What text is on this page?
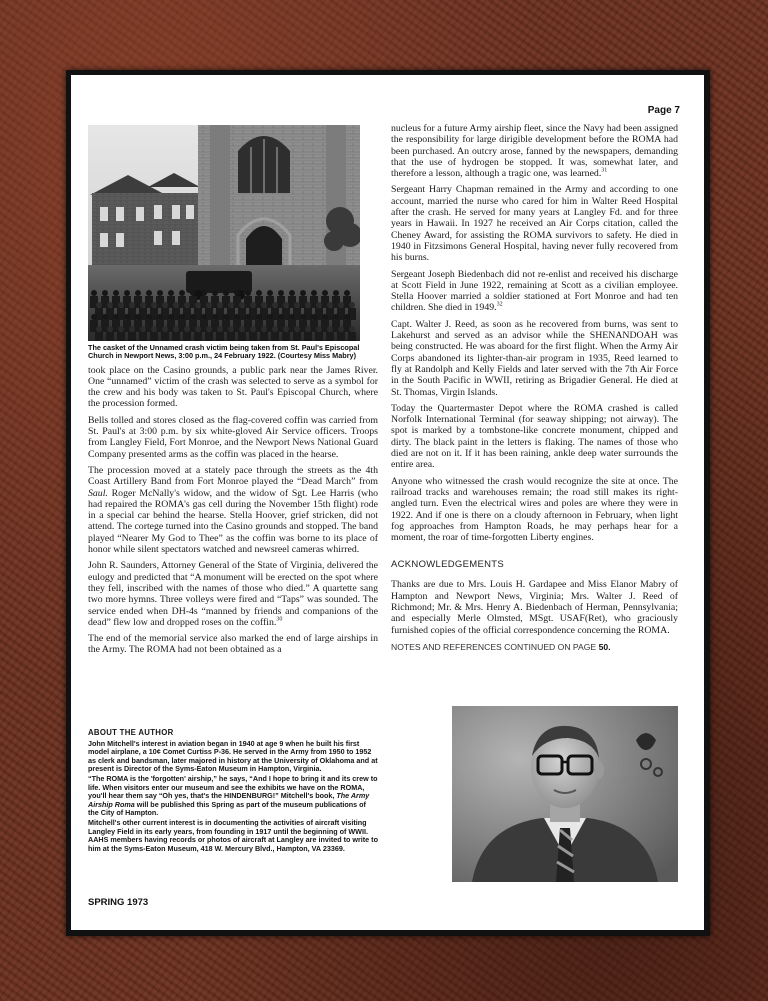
Page 7
The casket of the Unnamed crash victim being taken from St. Paul's Episcopal Church in Newport News, 3:00 p.m., 24 February 1922. (Courtesy Miss Mabry)

took place on the Casino grounds, a public park near the James River. One “unnamed” victim of the crash was selected to serve as a symbol for the crew and his body was taken to St. Paul's Episcopal Church, where the procession formed.

Bells tolled and stores closed as the flag-covered coffin was carried from St. Paul's at 3:00 p.m. by six white-gloved Air Service officers. Troops from Langley Field, Fort Monroe, and the Newport News National Guard Company presented arms as the coffin was placed in the hearse.

The procession moved at a stately pace through the streets as the 4th Coast Artillery Band from Fort Monroe played the “Dead March” from Saul. Roger McNally's widow, and the widow of Sgt. Lee Harris (who had repaired the ROMA's gas cell during the November 15th flight) rode in a special car behind the hearse. Stella Hoover, grief stricken, did not attend. The cortege turned into the Casino grounds and stopped. The band played “Nearer My God to Thee” as the coffin was borne to its place of honor while silent spectators watched and newsreel cameras whirred.

John R. Saunders, Attorney General of the State of Virginia, delivered the eulogy and predicted that “A monument will be erected on the spot where they fell, inscribed with the names of those who died.” A quartette sang two more hymns. Three volleys were fired and “Taps” was sounded. The service ended when DH-4s “manned by friends and companions of the dead” flew low and dropped roses on the coffin.$^{30}$

The end of the memorial service also marked the end of large airships in the Army. The ROMA had not been obtained as a

nucleus for a future Army airship fleet, since the Navy had been assigned the responsibility for large dirigible development before the ROMA had been purchased. An outcry arose, fanned by the newspapers, demanding that the use of hydrogen be stopped. It was, somewhat later, and therefore a lesson, although a tragic one, was learned.$^{31}$

Sergeant Harry Chapman remained in the Army and according to one account, married the nurse who cared for him in Walter Reed Hospital after the crash. He served for many years at Langley Fd. and for three years in Hawaii. In 1927 he received an Air Corps citation, called the Cheney Award, for assisting the ROMA survivors to safety. He died in 1940 in Fitzsimons General Hospital, having never fully recovered from his burns.

Sergeant Joseph Biedenbach did not re-enlist and received his discharge at Scott Field in June 1922, remaining at Scott as a civilian employee. Stella Hoover married a soldier stationed at Fort Monroe and had ten children. She died in 1949.32

Capt. Walter J. Reed, as soon as he recovered from burns, was sent to Lakehurst and served as an advisor while the SHENANDOAH was being constructed. He was aboard for the first flight. When the Army Air Corps abandoned its lighter-than-air program in 1935, Reed learned to fly at Randolph and Kelly Fields and later served with the 7th Air Force in the South Pacific in WWII, retiring as Brigadier General. He died at St. Thomas, Virgin Islands.

Today the Quartermaster Depot where the ROMA crashed is called Norfolk International Terminal (for seaway shipping; not airway). The spot is marked by a tombstone-like concrete monument, chipped and dirty. The black paint in the letters is flaking. The names of those who died are not on it. If it has been raining, ankle deep water surrounds the entire area.

Anyone who witnessed the crash would recognize the site at once. The railroad tracks and warehouses remain; the road still makes its right-angled turn. Even the electrical wires and poles are where they were in 1922. And if one is there on a cloudy afternoon in February, when light fog approaches from Hampton Roads, he may perhaps hear for a moment, the roar of time-forgotten Liberty engines.

ACKNOWLEDGEMENTS

Thanks are due to Mrs. Louis H. Gardapee and Miss Elanor Mabry of Hampton and Newport News, Virginia; Mrs. Walter J. Reed of Richmond; Mr. & Mrs. Henry A. Biedenbach of Herman, Pennsylvania; and especially Merle Olmsted, MSgt. USAF(Ret), who graciously furnished copies of the official correspondence concerning the ROMA.

NOTES AND REFERENCES CONTINUED ON PAGE 50.
ABOUT THE AUTHOR

John Mitchell's interest in aviation began in 1940 at age 9 when he built his first model airplane, a 10¢ Comet Curtiss P-36. He served in the Army from 1950 to 1952 as clerk and bandsman, later majored in history at the University of Oklahoma and at present is Director of the Syms-Eaton Museum in Hampton, Virginia.

“The ROMA is the 'forgotten' airship,” he says, “And I hope to bring it and its crew to life. When visitors enter our museum and see the exhibits we have on the ROMA, you'll hear them say “Oh yes, that's the HINDENBURG!” Mitchell's book, The Army Airship Roma will be published this Spring as part of the museum publications of the City of Hampton.

Mitchell's other current interest is in documenting the activities of aircraft visiting Langley Field in its early years, from founding in 1917 until the beginning of WWII. AAHS members having records or photos of aircraft at Langley are invited to write to him at the Syms-Eaton Museum, 418 W. Mercury Blvd., Hampton, VA 23369.

SPRING 1973
